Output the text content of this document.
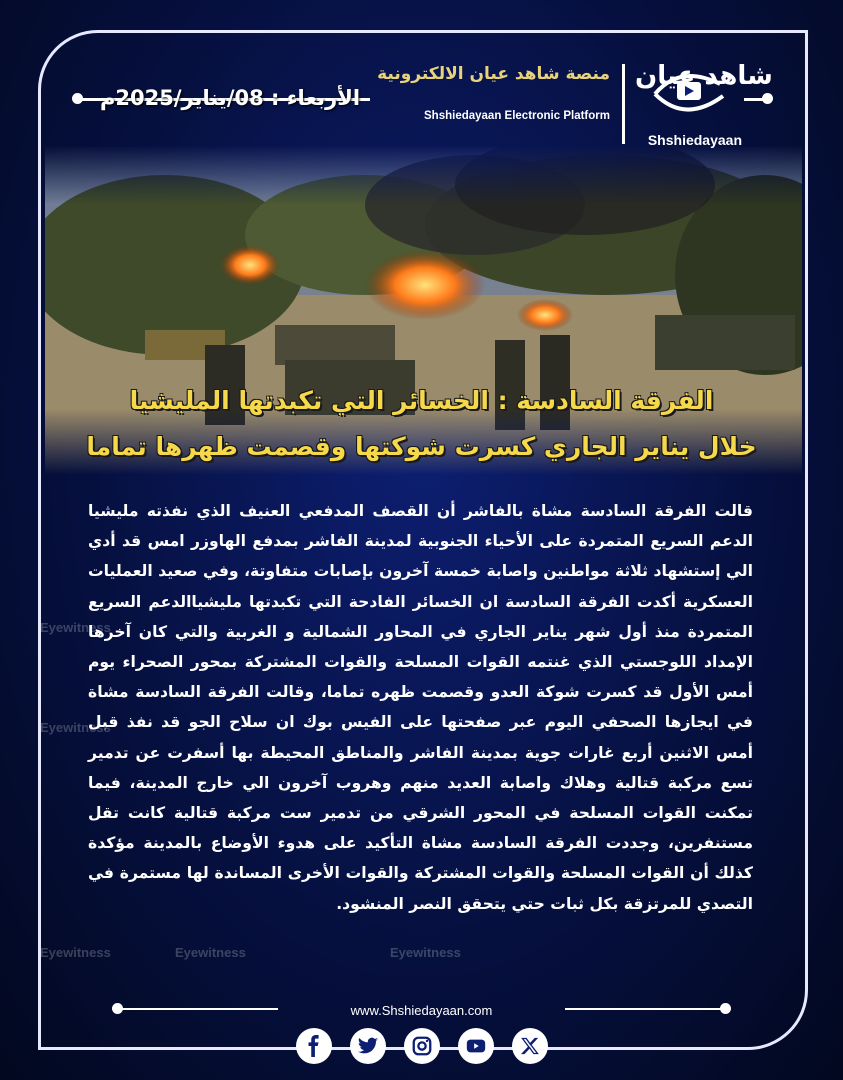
شاهد عيان
Shshiedayaan
منصة شاهد عيان الالكترونية
Shshiedayaan Electronic Platform
الأربعاء : 08/يناير/2025م
الفرقة السادسة : الخسائر التي تكبدتها المليشيا
خلال يناير الجاري كسرت شوكتها وقصمت ظهرها تماما
Eyewitness
Eyewitness
Eyewitness	Eyewitness	Eyewitness
قالت الفرقة السادسة مشاة بالفاشر أن القصف المدفعي العنيف الذي نفذته مليشيا الدعم السريع المتمردة على الأحياء الجنوبية لمدينة الفاشر بمدفع الهاوزر امس قد أدي الي إستشهاد ثلاثة مواطنين واصابة خمسة آخرون بإصابات متفاوتة، وفي صعيد العمليات العسكرية أكدت الفرقة السادسة ان الخسائر الفادحة التي تكبدتها مليشياالدعم السريع المتمردة منذ أول شهر يناير الجاري في المحاور الشمالية و الغربية والتي كان آخرها الإمداد اللوجستي الذي غنتمه القوات المسلحة والقوات المشتركة بمحور الصحراء يوم أمس الأول قد كسرت شوكة العدو وقصمت ظهره تماما، وقالت الفرقة السادسة مشاة في ايجازها الصحفي اليوم عبر صفحتها على الفيس بوك ان سلاح الجو قد نفذ قبل أمس الاثنين أربع غارات جوية بمدينة الفاشر والمناطق المحيطة بها أسفرت عن تدمير تسع مركبة قتالية وهلاك واصابة العديد منهم وهروب آخرون الي خارج المدينة، فيما تمكنت القوات المسلحة في المحور الشرقي من تدمير ست مركبة قتالية كانت تقل مستنفرين، وجددت الفرقة السادسة مشاة التأكيد على هدوء الأوضاع بالمدينة مؤكدة كذلك أن القوات المسلحة والقوات المشتركة والقوات الأخرى المساندة لها مستمرة في التصدي للمرتزقة بكل ثبات حتي يتحقق النصر المنشود.
www.Shshiedayaan.com
